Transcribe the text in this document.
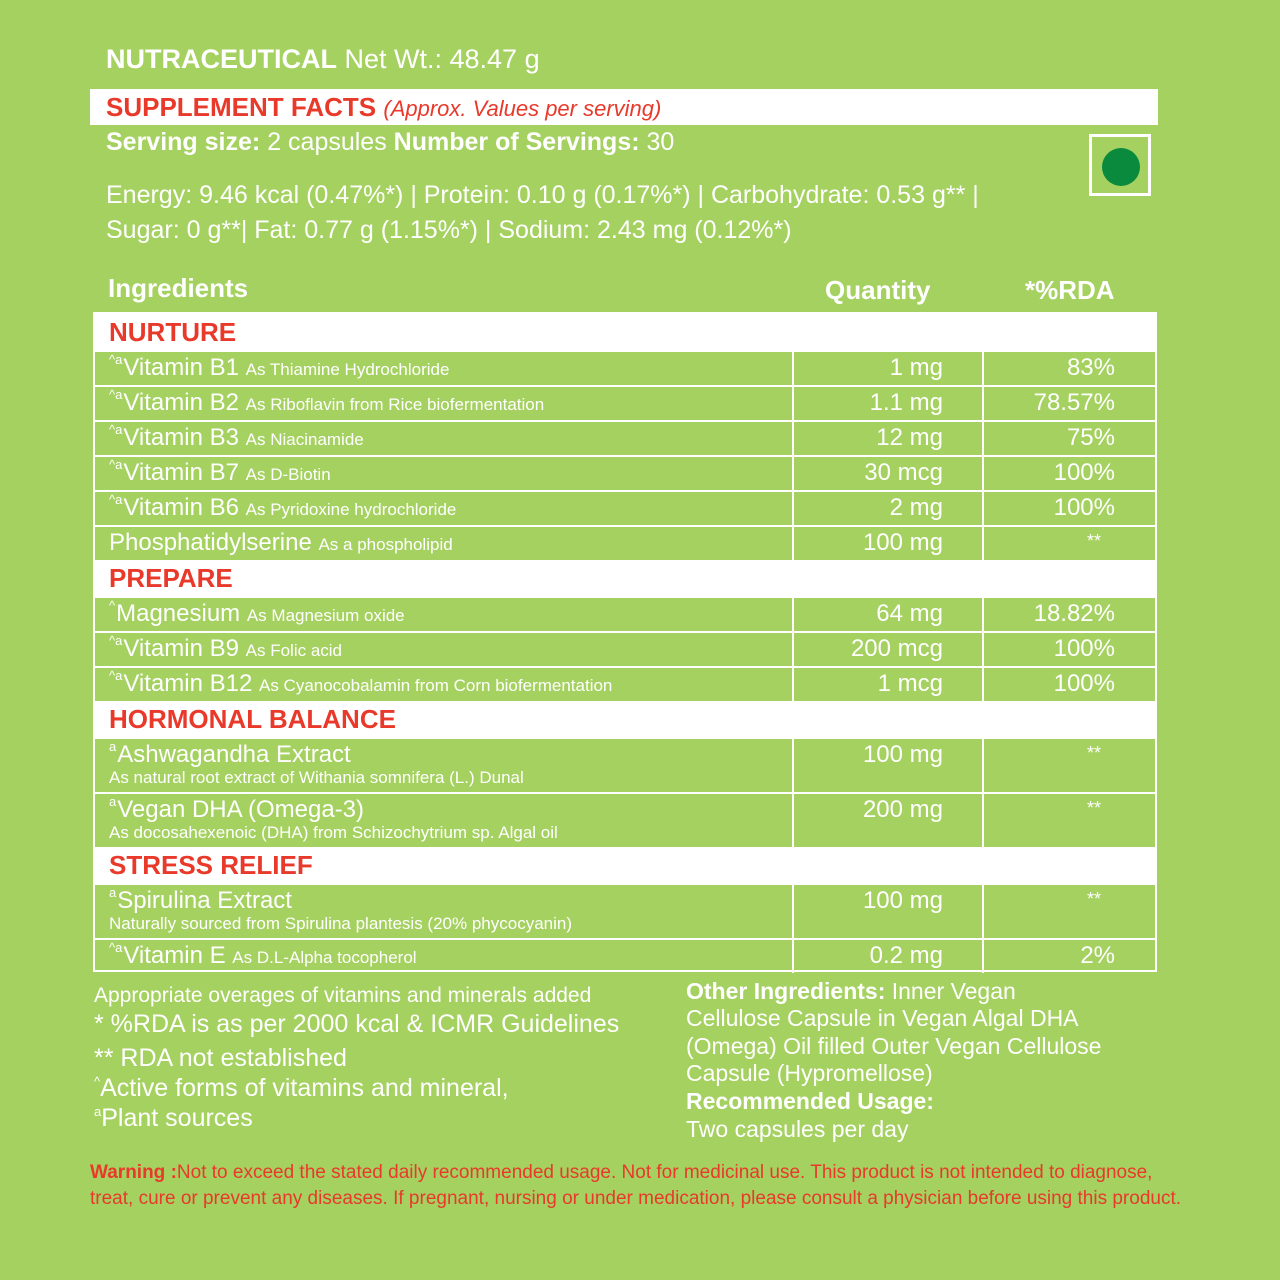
NUTRACEUTICAL Net Wt.: 48.47 g
SUPPLEMENT FACTS (Approx. Values per serving)
Serving size: 2 capsules Number of Servings: 30
Energy: 9.46 kcal (0.47%*) | Protein: 0.10 g (0.17%*) | Carbohydrate: 0.53 g** |
Sugar: 0 g**| Fat: 0.77 g (1.15%*) | Sodium: 2.43 mg (0.12%*)
Ingredients	Quantity	*%RDA
NURTURE
$^{\^{}a}$Vitamin B1 As Thiamine Hydrochloride	1 mg	83%
$^{\^{}a}$Vitamin B2 As Riboflavin from Rice biofermentation	1.1 mg	78.57%
$^{\^{}a}$Vitamin B3 As Niacinamide	12 mg	75%
$^{\^{}a}$Vitamin B7 As D-Biotin	30 mcg	100%
$^{\^{}a}$Vitamin B6 As Pyridoxine hydrochloride	2 mg	100%
Phosphatidylserine As a phospholipid	100 mg	**
PREPARE
^Magnesium As Magnesium oxide	64 mg	18.82%
$^{\^{}a}$Vitamin B9 As Folic acid	200 mcg	100%
$^{\^{}a}$Vitamin B12 As Cyanocobalamin from Corn biofermentation	1 mcg	100%
HORMONAL BALANCE
$^a$Ashwagandha Extract
As natural root extract of Withania somnifera (L.) Dunal
100 mg	**
$^a$Vegan DHA (Omega-3)
As docosahexenoic (DHA) from Schizochytrium sp. Algal oil
200 mg	**
STRESS RELIEF
$^a$Spirulina Extract
Naturally sourced from Spirulina plantesis (20% phycocyanin)
100 mg	**
$^{\^{}a}$Vitamin E As D.L-Alpha tocopherol	0.2 mg	2%
Appropriate overages of vitamins and minerals added
* %RDA is as per 2000 kcal & ICMR Guidelines
** RDA not established
^Active forms of vitamins and mineral,
$^a$Plant sources
Other Ingredients: Inner Vegan
Cellulose Capsule in Vegan Algal DHA
(Omega) Oil filled Outer Vegan Cellulose
Capsule (Hypromellose)
Recommended Usage:
Two capsules per day
Warning :Not to exceed the stated daily recommended usage. Not for medicinal use. This product is not intended to diagnose, treat, cure or prevent any diseases. If pregnant, nursing or under medication, please consult a physician before using this product.
